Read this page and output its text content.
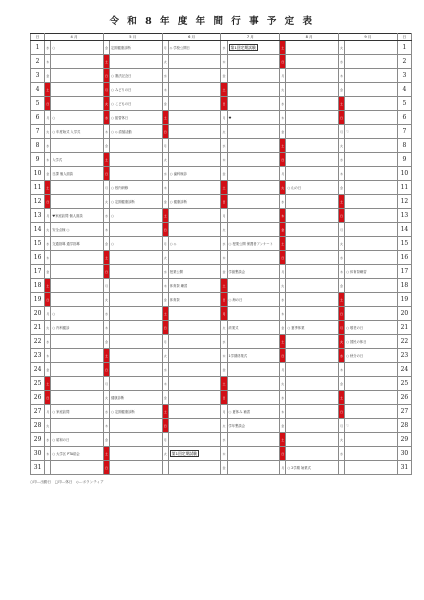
令 和 8 年 度 年 間 行 事 予 定 表
日	4 月		5 月		6 月		7 月		8 月		9 月		日
1	水	○	金	定期健康診断	月	◇ 学校公開日	水	第1回定期試験	土		火		1
2	木		土		火		木		日		水		2
3	金		日	○ 憲法記念日	水		金		月		木		3
4	土		月	○ みどりの日	木		土		火		金		4
5	日		火	○ こどもの日	金		日		水		土		5
6	月	○	水	○ 振替休日	土		月	♥	木		日		6
7	火	○ 年度始式 入学式	木	○ ◇ 清掃活動	日		火		金		月	♡	7
8	水		金		月		水		土		火		8
9	木	入学式	土		火		木		日		水		9
10	金	日課 個人面談	日		水	○ 歯科検診	金		月		木		10
11	土		月	○ 校内研修	木		土		火	○ 山の日	金		11
12	日		火	○ 定期健康診断	金	○ 健康診断	日		水		土		12
13	月	♥家庭訪問 個人面談	水	○	土		月		木		日		13
14	火	安全点検 ○	木		日		火		金		月		14
15	水	交通指導 通学指導	金	○	月	○ ◇	水	○ 授業公開 保護者アンケート	土		火		15
16	木		土		火		木		日		水		16
17	金		日		水	授業公開	金	学級懇談会	月		木	○ 体育祭練習	17
18	土		月		木	体育祭 練習	土		火		金		18
19	日		火		金	体育祭	日	○ 海の日	水		土		19
20	月	○	水		土		月		木		日		20
21	火	○ 内科健診	木		日		火	終業式	金	○ 夏季休業	月	○ 敬老の日	21
22	水		金		月		水		土		火	○ 国民の休日	22
23	木		土		火		木	1学期終業式	日		水	○ 秋分の日	23
24	金		日		水		金		月		木		24
25	土		月		木		土		火		金		25
26	日		火	健康診断	金		日		水		土		26
27	月	○ 家庭訪問	水	○ 定期健康診断	土		月	○ 夏休み 補習	木		日		27
28	火		木		日		火	学年懇談会	金		月	♡	28
29	水	○ 昭和の日	金		月		水		土		火		29
30	木	○ 大学区 PTA総会	土		火	第1回定期試験	木		日		水		30
31			日				金		月	○ 2学期 始業式			31
○印…出勤日　□印…休日　◇…ボランティア
